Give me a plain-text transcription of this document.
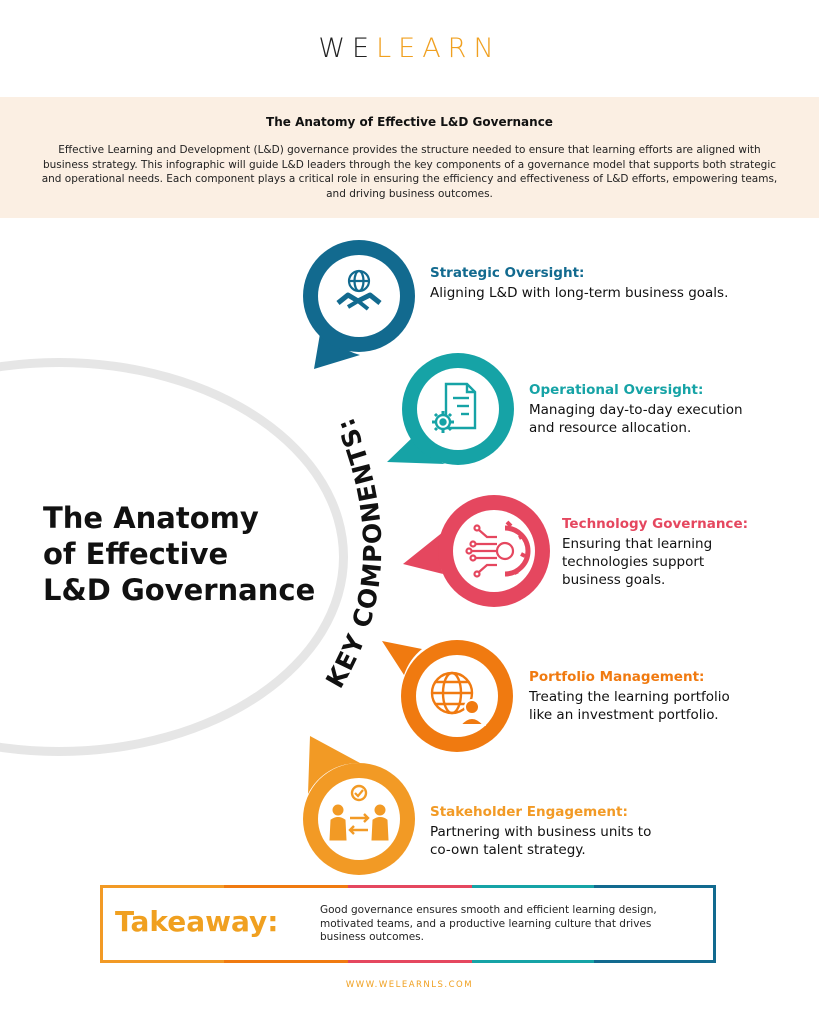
WELEARN
The Anatomy of Effective L&D Governance
Effective Learning and Development (L&D) governance provides the structure needed to ensure that learning efforts are aligned with business strategy. This infographic will guide L&D leaders through the key components of a governance model that supports both strategic and operational needs. Each component plays a critical role in ensuring the efficiency and effectiveness of L&D efforts, empowering teams, and driving business outcomes.
The Anatomy
of Effective
L&D Governance
KEY COMPONENTS:
Strategic Oversight:
Aligning L&D with long-term business goals.
Operational Oversight:
Managing day-to-day execution
and resource allocation.
Technology Governance:
Ensuring that learning
technologies support
business goals.
Portfolio Management:
Treating the learning portfolio
like an investment portfolio.
Stakeholder Engagement:
Partnering with business units to
co-own talent strategy.
Takeaway:	Good governance ensures smooth and efficient learning design, motivated teams, and a productive learning culture that drives business outcomes.
WWW.WELEARNLS.COM
